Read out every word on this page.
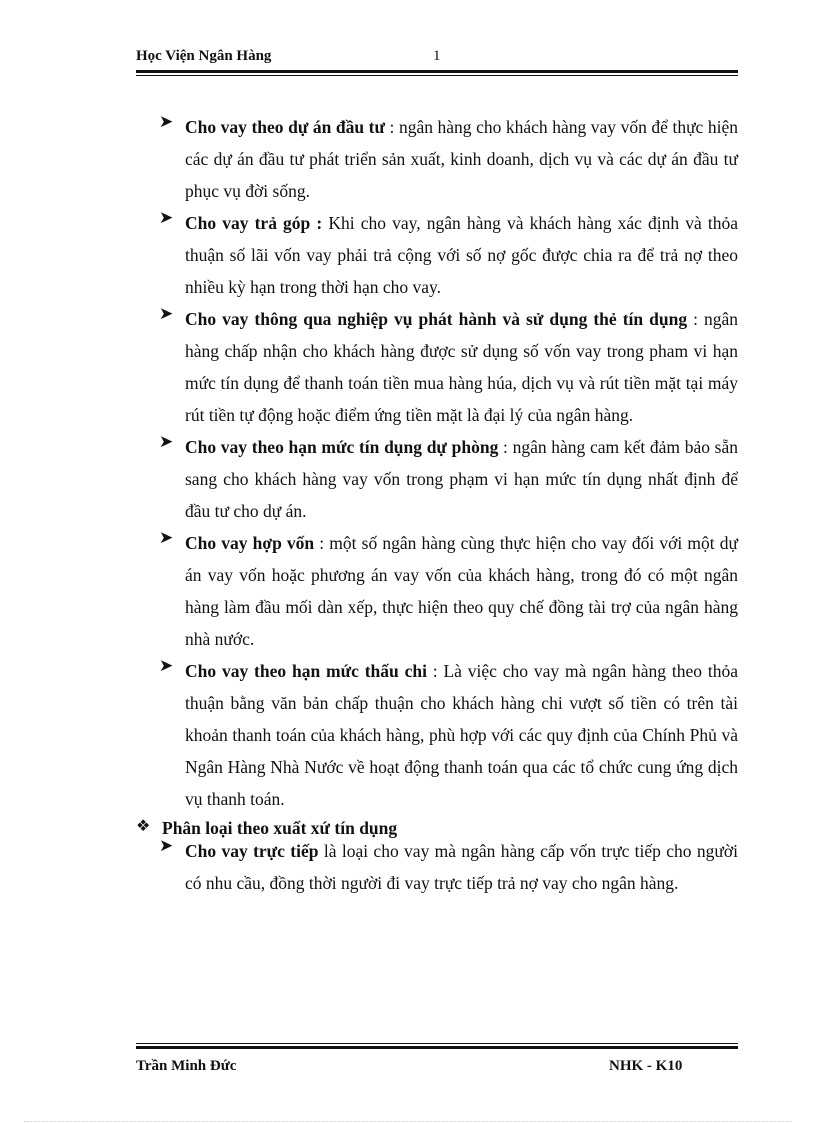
Học Viện Ngân Hàng	1
➤ Cho vay theo dự án đầu tư : ngân hàng cho khách hàng vay vốn để thực hiện các dự án đầu tư phát triển sản xuất, kinh doanh, dịch vụ và các dự án đầu tư phục vụ đời sống.

➤ Cho vay trả góp : Khi cho vay, ngân hàng và khách hàng xác định và thỏa thuận số lãi vốn vay phải trả cộng với số nợ gốc được chia ra để trả nợ theo nhiều kỳ hạn trong thời hạn cho vay.

➤ Cho vay thông qua nghiệp vụ phát hành và sử dụng thẻ tín dụng : ngân hàng chấp nhận cho khách hàng được sử dụng số vốn vay trong pham vi hạn mức tín dụng để thanh toán tiền mua hàng húa, dịch vụ và rút tiền mặt tại máy rút tiền tự động hoặc điểm ứng tiền mặt là đại lý của ngân hàng.

➤ Cho vay theo hạn mức tín dụng dự phòng : ngân hàng cam kết đảm bảo sẵn sang cho khách hàng vay vốn trong phạm vi hạn mức tín dụng nhất định để đầu tư cho dự án.

➤ Cho vay hợp vốn : một số ngân hàng cùng thực hiện cho vay đối với một dự án vay vốn hoặc phương án vay vốn của khách hàng, trong đó có một ngân hàng làm đầu mối dàn xếp, thực hiện theo quy chế đồng tài trợ của ngân hàng nhà nước.

➤ Cho vay theo hạn mức thấu chi : Là việc cho vay mà ngân hàng theo thỏa thuận bằng văn bản chấp thuận cho khách hàng chi vượt số tiền có trên tài khoản thanh toán của khách hàng, phù hợp với các quy định của Chính Phủ và Ngân Hàng Nhà Nước về hoạt động thanh toán qua các tổ chức cung ứng dịch vụ thanh toán.

❖ Phân loại theo xuất xứ tín dụng
➤ Cho vay trực tiếp là loại cho vay mà ngân hàng cấp vốn trực tiếp cho người có nhu cầu, đồng thời người đi vay trực tiếp trả nợ vay cho ngân hàng.

Trần Minh Đức	NHK - K10
